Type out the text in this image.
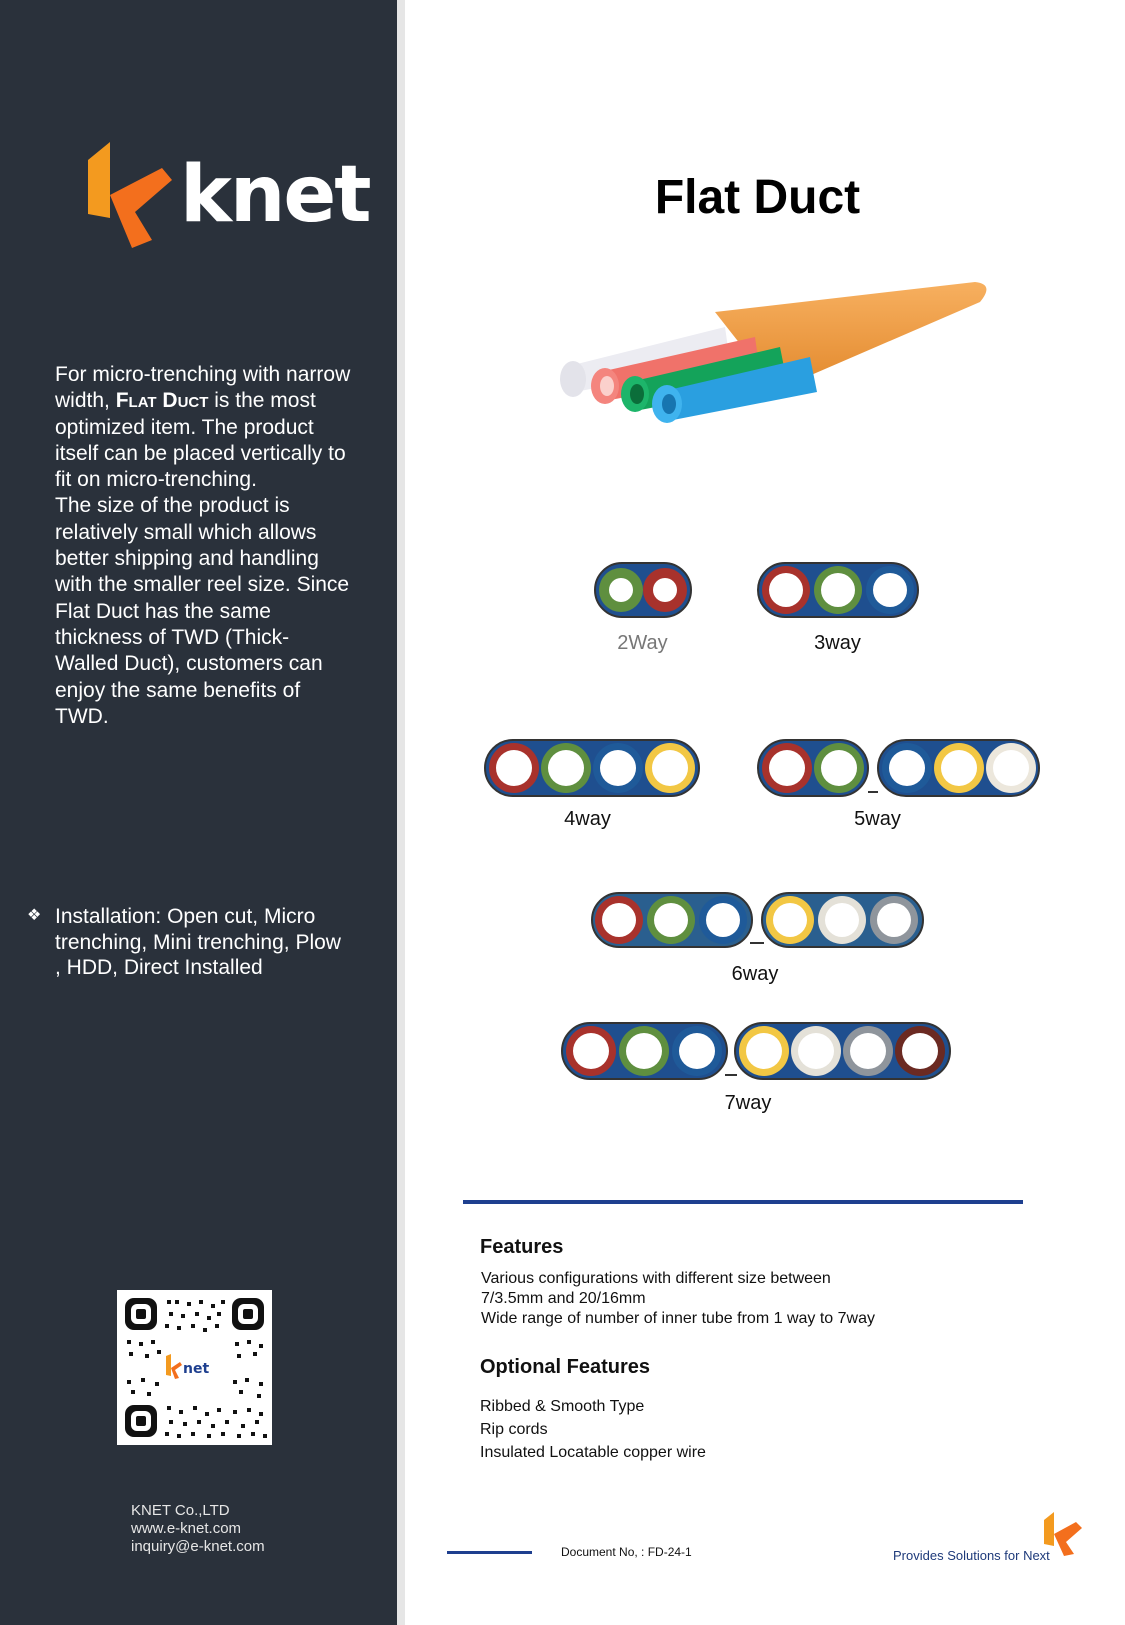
knet

For micro-trenching with narrow width, Flat Duct is the most optimized item. The product itself can be placed vertically to fit on micro-trenching.

The size of the product is relatively small which allows better shipping and handling with the smaller reel size. Since Flat Duct has the same thickness of TWD (Thick- Walled Duct), customers can enjoy the same benefits of TWD.

❖ Installation: Open cut, Micro trenching, Mini trenching, Plow , HDD, Direct Installed
net
KNET Co.,LTD
www.e-knet.com
inquiry@e-knet.com
Flat Duct
2Way	3way
4way	5way
6way
7way
Features
Various configurations with different size between
7/3.5mm and 20/16mm
Wide range of number of inner tube from 1 way to 7way
Optional Features
Ribbed & Smooth Type
Rip cords
Insulated Locatable copper wire
Document No, : FD-24-1	Provides Solutions for Next
